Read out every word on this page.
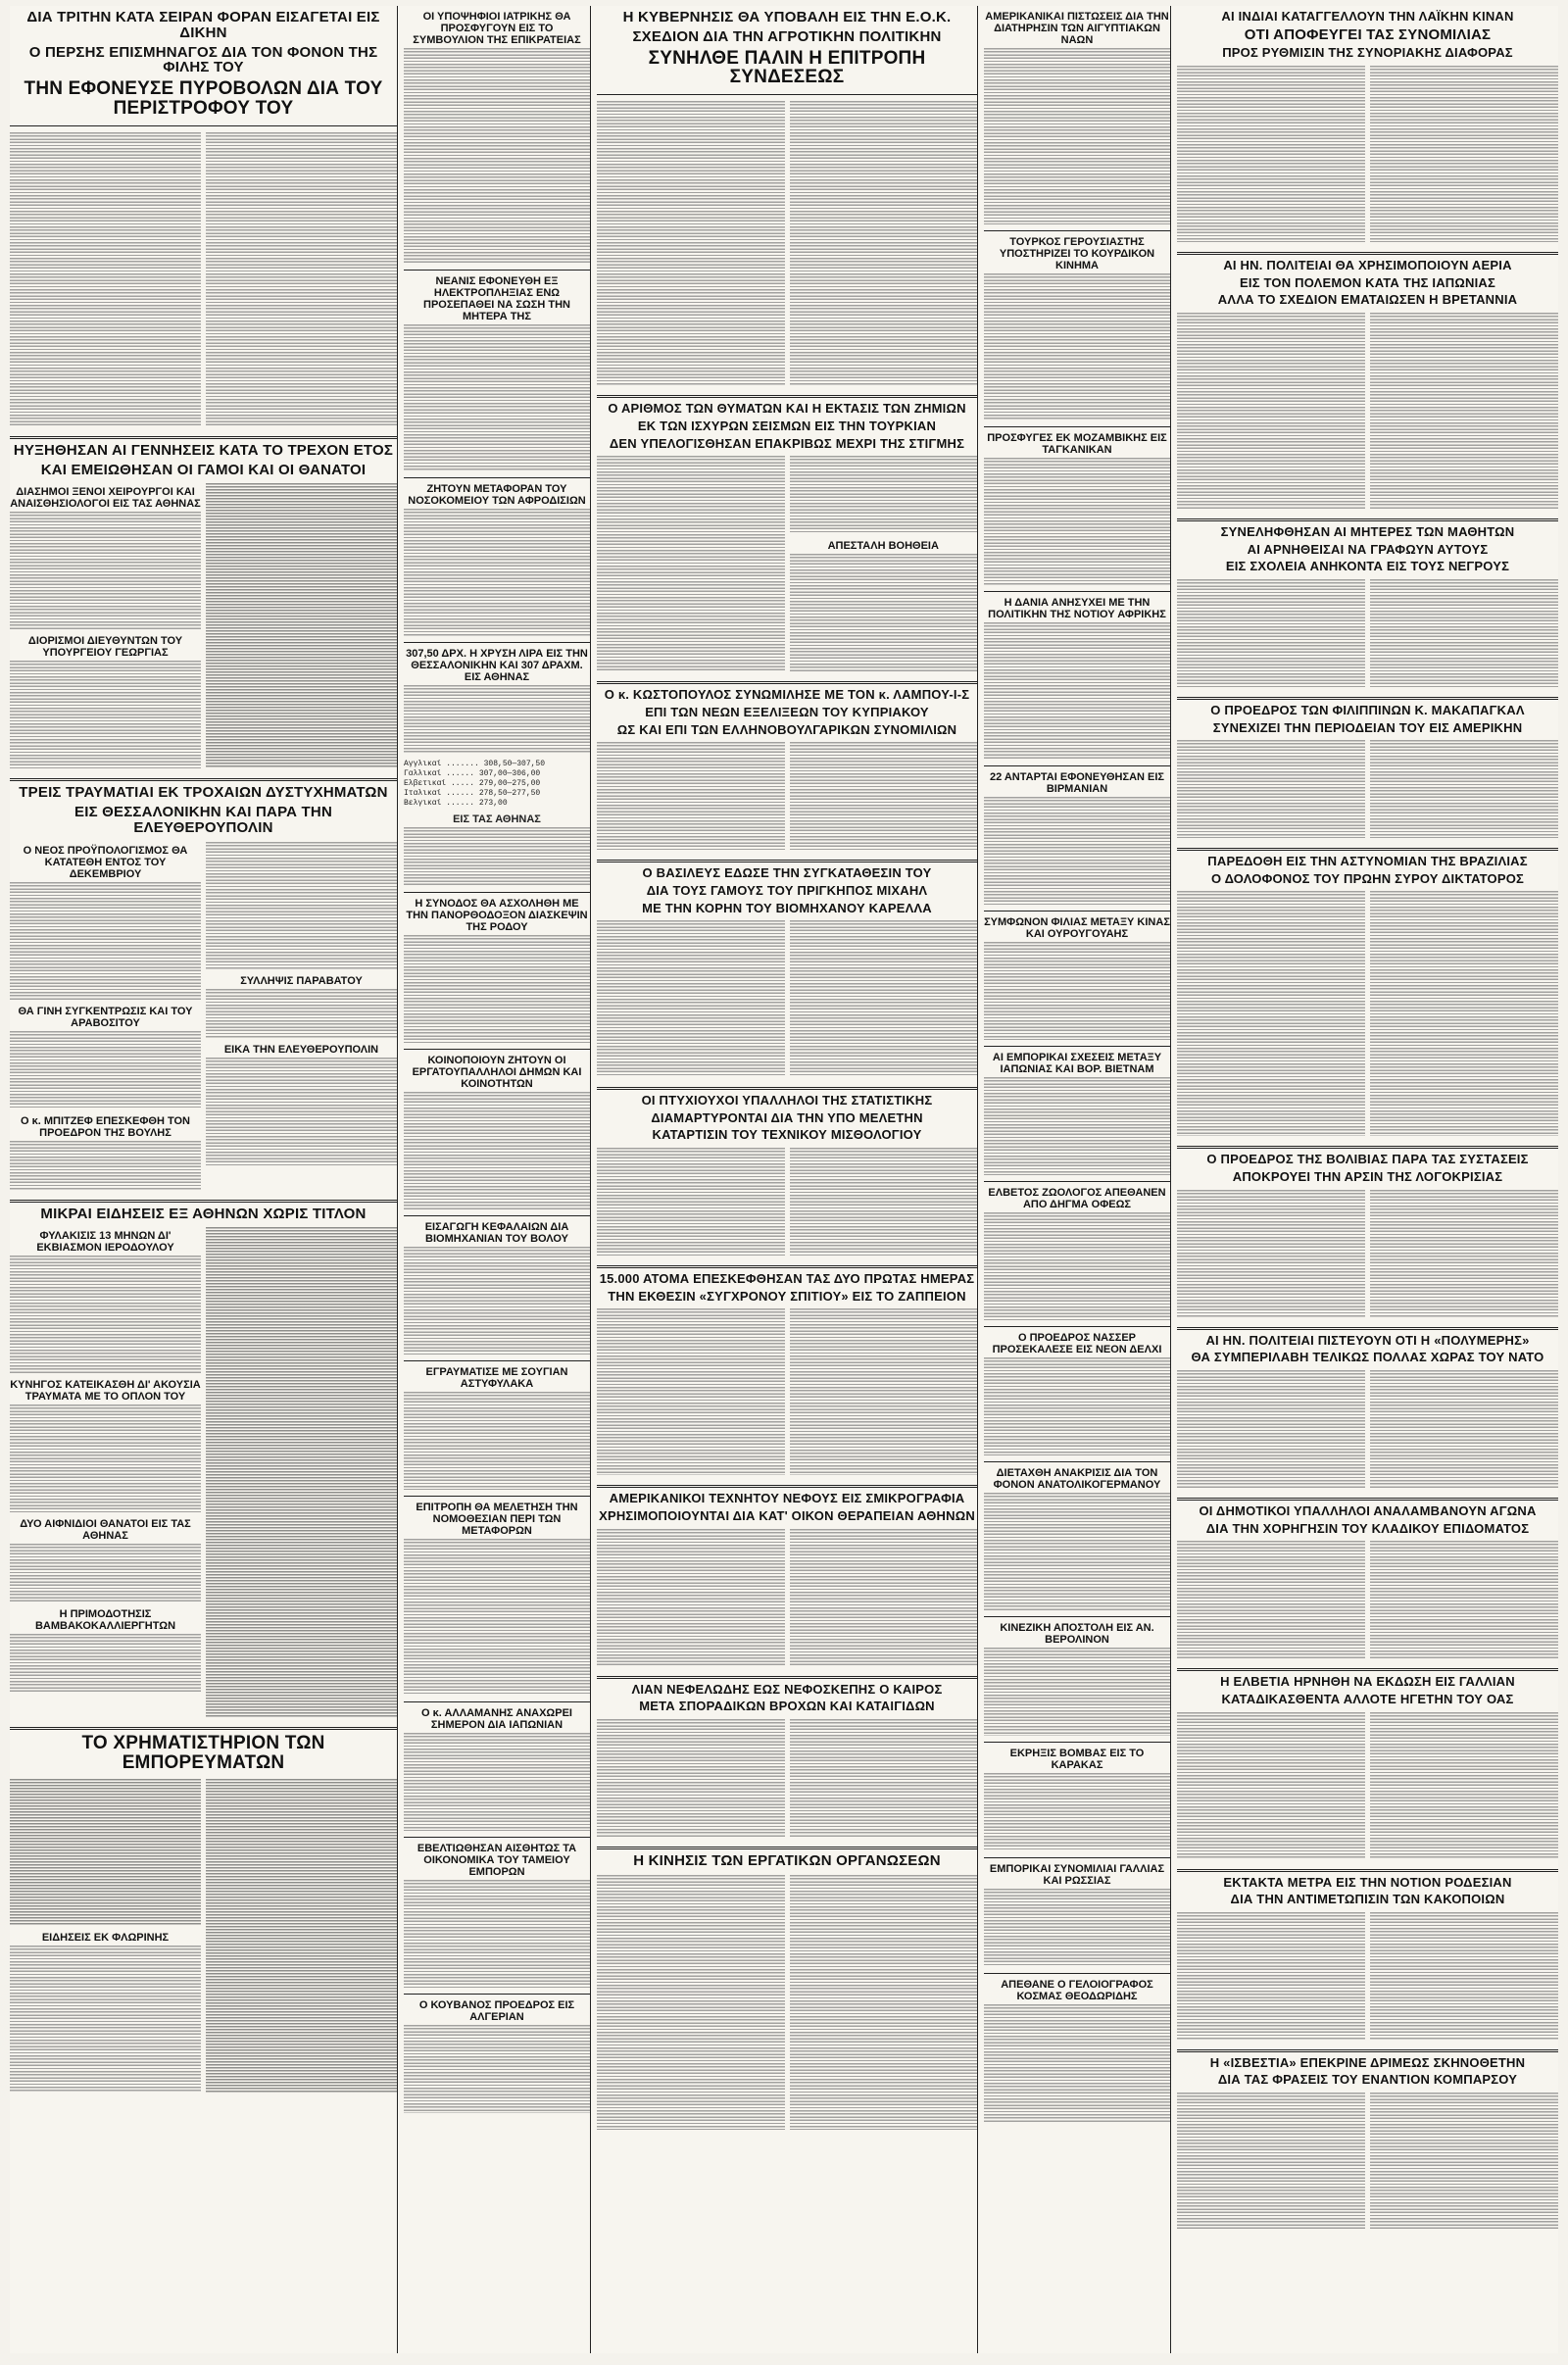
ΔΙΑ ΤΡΙΤΗΝ ΚΑΤΑ ΣΕΙΡΑΝ ΦΟΡΑΝ ΕΙΣΑΓΕΤΑΙ ΕΙΣ ΔΙΚΗΝ
Ο ΠΕΡΣΗΣ ΕΠΙΣΜΗΝΑΓΟΣ ΔΙΑ ΤΟΝ ΦΟΝΟΝ ΤΗΣ ΦΙΛΗΣ ΤΟΥ
ΤΗΝ ΕΦΟΝΕΥΣΕ ΠΥΡΟΒΟΛΩΝ ΔΙΑ ΤΟΥ ΠΕΡΙΣΤΡΟΦΟΥ ΤΟΥ
ΗΥΞΗΘΗΣΑΝ ΑΙ ΓΕΝΝΗΣΕΙΣ ΚΑΤΑ ΤΟ ΤΡΕΧΟΝ ΕΤΟΣ
ΚΑΙ ΕΜΕΙΩΘΗΣΑΝ ΟΙ ΓΑΜΟΙ ΚΑΙ ΟΙ ΘΑΝΑΤΟΙ
ΔΙΑΣΗΜΟΙ ΞΕΝΟΙ ΧΕΙΡΟΥΡΓΟΙ ΚΑΙ ΑΝΑΙΣΘΗΣΙΟΛΟΓΟΙ ΕΙΣ ΤΑΣ ΑΘΗΝΑΣ
ΔΙΟΡΙΣΜΟΙ ΔΙΕΥΘΥΝΤΩΝ ΤΟΥ ΥΠΟΥΡΓΕΙΟΥ ΓΕΩΡΓΙΑΣ
ΤΡΕΙΣ ΤΡΑΥΜΑΤΙΑΙ ΕΚ ΤΡΟΧΑΙΩΝ ΔΥΣΤΥΧΗΜΑΤΩΝ
ΕΙΣ ΘΕΣΣΑΛΟΝΙΚΗΝ ΚΑΙ ΠΑΡΑ ΤΗΝ ΕΛΕΥΘΕΡΟΥΠΟΛΙΝ
Ο ΝΕΟΣ ΠΡΟΫΠΟΛΟΓΙΣΜΟΣ ΘΑ ΚΑΤΑΤΕΘΗ ΕΝΤΟΣ ΤΟΥ ΔΕΚΕΜΒΡΙΟΥ
ΘΑ ΓΙΝΗ ΣΥΓΚΕΝΤΡΩΣΙΣ ΚΑΙ ΤΟΥ ΑΡΑΒΟΣΙΤΟΥ
Ο κ. ΜΠΙΤΖΕΦ ΕΠΕΣΚΕΦΘΗ ΤΟΝ ΠΡΟΕΔΡΟΝ ΤΗΣ ΒΟΥΛΗΣ
ΣΥΛΛΗΨΙΣ ΠΑΡΑΒΑΤΟΥ
ΕΙΚΑ ΤΗΝ ΕΛΕΥΘΕΡΟΥΠΟΛΙΝ
ΜΙΚΡΑΙ ΕΙΔΗΣΕΙΣ ΕΞ ΑΘΗΝΩΝ ΧΩΡΙΣ ΤΙΤΛΟΝ
ΦΥΛΑΚΙΣΙΣ 13 ΜΗΝΩΝ ΔΙ' ΕΚΒΙΑΣΜΟΝ ΙΕΡΟΔΟΥΛΟΥ
ΚΥΝΗΓΟΣ ΚΑΤΕΙΚΑΣΘΗ ΔΙ' ΑΚΟΥΣΙΑ ΤΡΑΥΜΑΤΑ ΜΕ ΤΟ ΟΠΛΟΝ ΤΟΥ
ΔΥΟ ΑΙΦΝΙΔΙΟΙ ΘΑΝΑΤΟΙ ΕΙΣ ΤΑΣ ΑΘΗΝΑΣ
Η ΠΡΙΜΟΔΟΤΗΣΙΣ ΒΑΜΒΑΚΟΚΑΛΛΙΕΡΓΗΤΩΝ
ΤΟ ΧΡΗΜΑΤΙΣΤΗΡΙΟΝ ΤΩΝ ΕΜΠΟΡΕΥΜΑΤΩΝ
ΕΙΔΗΣΕΙΣ ΕΚ ΦΛΩΡΙΝΗΣ
ΟΙ ΥΠΟΨΗΦΙΟΙ ΙΑΤΡΙΚΗΣ ΘΑ ΠΡΟΣΦΥΓΟΥΝ ΕΙΣ ΤΟ ΣΥΜΒΟΥΛΙΟΝ ΤΗΣ ΕΠΙΚΡΑΤΕΙΑΣ
ΝΕΑΝΙΣ ΕΦΟΝΕΥΘΗ ΕΞ ΗΛΕΚΤΡΟΠΛΗΞΙΑΣ ΕΝΩ ΠΡΟΣΕΠΑΘΕΙ ΝΑ ΣΩΣΗ ΤΗΝ ΜΗΤΕΡΑ ΤΗΣ
ΖΗΤΟΥΝ ΜΕΤΑΦΟΡΑΝ ΤΟΥ ΝΟΣΟΚΟΜΕΙΟΥ ΤΩΝ ΑΦΡΟΔΙΣΙΩΝ
307,50 ΔΡΧ. Η ΧΡΥΣΗ ΛΙΡΑ ΕΙΣ ΤΗΝ ΘΕΣΣΑΛΟΝΙΚΗΝ ΚΑΙ 307 ΔΡΑΧΜ. ΕΙΣ ΑΘΗΝΑΣ
Αγγλικαί ....... 308,50—307,50
Γαλλικαί ...... 307,00—306,00
Ελβετικαί ..... 279,00—275,00
Ιταλικαί ...... 278,50—277,50
Βελγικαί ...... 273,00
ΕΙΣ ΤΑΣ ΑΘΗΝΑΣ
Η ΣΥΝΟΔΟΣ ΘΑ ΑΣΧΟΛΗΘΗ ΜΕ ΤΗΝ ΠΑΝΟΡΘΟΔΟΞΟΝ ΔΙΑΣΚΕΨΙΝ ΤΗΣ ΡΟΔΟΥ
ΚΟΙΝΟΠΟΙΟΥΝ ΖΗΤΟΥΝ ΟΙ ΕΡΓΑΤΟΥΠΑΛΛΗΛΟΙ ΔΗΜΩΝ ΚΑΙ ΚΟΙΝΟΤΗΤΩΝ
ΕΙΣΑΓΩΓΗ ΚΕΦΑΛΑΙΩΝ ΔΙΑ ΒΙΟΜΗΧΑΝΙΑΝ ΤΟΥ ΒΟΛΟΥ
ΕΓΡΑΥΜΑΤΙΣΕ ΜΕ ΣΟΥΓΙΑΝ ΑΣΤΥΦΥΛΑΚΑ
ΕΠΙΤΡΟΠΗ ΘΑ ΜΕΛΕΤΗΣΗ ΤΗΝ ΝΟΜΟΘΕΣΙΑΝ ΠΕΡΙ ΤΩΝ ΜΕΤΑΦΟΡΩΝ
Ο κ. ΑΛΛΑΜΑΝΗΣ ΑΝΑΧΩΡΕΙ ΣΗΜΕΡΟΝ ΔΙΑ ΙΑΠΩΝΙΑΝ
ΕΒΕΛΤΙΩΘΗΣΑΝ ΑΙΣΘΗΤΩΣ ΤΑ ΟΙΚΟΝΟΜΙΚΑ ΤΟΥ ΤΑΜΕΙΟΥ ΕΜΠΟΡΩΝ
Ο ΚΟΥΒΑΝΟΣ ΠΡΟΕΔΡΟΣ ΕΙΣ ΑΛΓΕΡΙΑΝ
Η ΚΥΒΕΡΝΗΣΙΣ ΘΑ ΥΠΟΒΑΛΗ ΕΙΣ ΤΗΝ Ε.Ο.Κ.
ΣΧΕΔΙΟΝ ΔΙΑ ΤΗΝ ΑΓΡΟΤΙΚΗΝ ΠΟΛΙΤΙΚΗΝ
ΣΥΝΗΛΘΕ ΠΑΛΙΝ Η ΕΠΙΤΡΟΠΗ ΣΥΝΔΕΣΕΩΣ
Ο ΑΡΙΘΜΟΣ ΤΩΝ ΘΥΜΑΤΩΝ ΚΑΙ Η ΕΚΤΑΣΙΣ ΤΩΝ ΖΗΜΙΩΝ
ΕΚ ΤΩΝ ΙΣΧΥΡΩΝ ΣΕΙΣΜΩΝ ΕΙΣ ΤΗΝ ΤΟΥΡΚΙΑΝ
ΔΕΝ ΥΠΕΛΟΓΙΣΘΗΣΑΝ ΕΠΑΚΡΙΒΩΣ ΜΕΧΡΙ ΤΗΣ ΣΤΙΓΜΗΣ
ΑΠΕΣΤΑΛΗ ΒΟΗΘΕΙΑ
Ο κ. ΚΩΣΤΟΠΟΥΛΟΣ ΣΥΝΩΜΙΛΗΣΕ ΜΕ ΤΟΝ κ. ΛΑΜΠΟΥ-Ι-Σ
ΕΠΙ ΤΩΝ ΝΕΩΝ ΕΞΕΛΙΞΕΩΝ ΤΟΥ ΚΥΠΡΙΑΚΟΥ
ΩΣ ΚΑΙ ΕΠΙ ΤΩΝ ΕΛΛΗΝΟΒΟΥΛΓΑΡΙΚΩΝ ΣΥΝΟΜΙΛΙΩΝ
Ο ΒΑΣΙΛΕΥΣ ΕΔΩΣΕ ΤΗΝ ΣΥΓΚΑΤΑΘΕΣΙΝ ΤΟΥ
ΔΙΑ ΤΟΥΣ ΓΑΜΟΥΣ ΤΟΥ ΠΡΙΓΚΗΠΟΣ ΜΙΧΑΗΛ
ΜΕ ΤΗΝ ΚΟΡΗΝ ΤΟΥ ΒΙΟΜΗΧΑΝΟΥ ΚΑΡΕΛΛΑ
ΟΙ ΠΤΥΧΙΟΥΧΟΙ ΥΠΑΛΛΗΛΟΙ ΤΗΣ ΣΤΑΤΙΣΤΙΚΗΣ
ΔΙΑΜΑΡΤΥΡΟΝΤΑΙ ΔΙΑ ΤΗΝ ΥΠΟ ΜΕΛΕΤΗΝ
ΚΑΤΑΡΤΙΣΙΝ ΤΟΥ ΤΕΧΝΙΚΟΥ ΜΙΣΘΟΛΟΓΙΟΥ
15.000 ΑΤΟΜΑ ΕΠΕΣΚΕΦΘΗΣΑΝ ΤΑΣ ΔΥΟ ΠΡΩΤΑΣ ΗΜΕΡΑΣ
ΤΗΝ ΕΚΘΕΣΙΝ «ΣΥΓΧΡΟΝΟΥ ΣΠΙΤΙΟΥ» ΕΙΣ ΤΟ ΖΑΠΠΕΙΟΝ
ΑΜΕΡΙΚΑΝΙΚΟΙ ΤΕΧΝΗΤΟΥ ΝΕΦΟΥΣ ΕΙΣ ΣΜΙΚΡΟΓΡΑΦΙΑ
ΧΡΗΣΙΜΟΠΟΙΟΥΝΤΑΙ ΔΙΑ ΚΑΤ' ΟΙΚΟΝ ΘΕΡΑΠΕΙΑΝ ΑΘΗΝΩΝ
ΛΙΑΝ ΝΕΦΕΛΩΔΗΣ ΕΩΣ ΝΕΦΟΣΚΕΠΗΣ Ο ΚΑΙΡΟΣ
ΜΕΤΑ ΣΠΟΡΑΔΙΚΩΝ ΒΡΟΧΩΝ ΚΑΙ ΚΑΤΑΙΓΙΔΩΝ
Η ΚΙΝΗΣΙΣ ΤΩΝ ΕΡΓΑΤΙΚΩΝ ΟΡΓΑΝΩΣΕΩΝ
ΑΜΕΡΙΚΑΝΙΚΑΙ ΠΙΣΤΩΣΕΙΣ ΔΙΑ ΤΗΝ ΔΙΑΤΗΡΗΣΙΝ ΤΩΝ ΑΙΓΥΠΤΙΑΚΩΝ ΝΑΩΝ
ΤΟΥΡΚΟΣ ΓΕΡΟΥΣΙΑΣΤΗΣ ΥΠΟΣΤΗΡΙΖΕΙ ΤΟ ΚΟΥΡΔΙΚΟΝ ΚΙΝΗΜΑ
ΠΡΟΣΦΥΓΕΣ ΕΚ ΜΟΖΑΜΒΙΚΗΣ ΕΙΣ ΤΑΓΚΑΝΙΚΑΝ
Η ΔΑΝΙΑ ΑΝΗΣΥΧΕΙ ΜΕ ΤΗΝ ΠΟΛΙΤΙΚΗΝ ΤΗΣ ΝΟΤΙΟΥ ΑΦΡΙΚΗΣ
22 ΑΝΤΑΡΤΑΙ ΕΦΟΝΕΥΘΗΣΑΝ ΕΙΣ ΒΙΡΜΑΝΙΑΝ
ΣΥΜΦΩΝΟΝ ΦΙΛΙΑΣ ΜΕΤΑΞΥ ΚΙΝΑΣ ΚΑΙ ΟΥΡΟΥΓΟΥΑΗΣ
ΑΙ ΕΜΠΟΡΙΚΑΙ ΣΧΕΣΕΙΣ ΜΕΤΑΞΥ ΙΑΠΩΝΙΑΣ ΚΑΙ ΒΟΡ. ΒΙΕΤΝΑΜ
ΕΛΒΕΤΟΣ ΖΩΟΛΟΓΟΣ ΑΠΕΘΑΝΕΝ ΑΠΟ ΔΗΓΜΑ ΟΦΕΩΣ
Ο ΠΡΟΕΔΡΟΣ ΝΑΣΣΕΡ ΠΡΟΣΕΚΑΛΕΣΕ ΕΙΣ ΝΕΟΝ ΔΕΛΧΙ
ΔΙΕΤΑΧΘΗ ΑΝΑΚΡΙΣΙΣ ΔΙΑ ΤΟΝ ΦΟΝΟΝ ΑΝΑΤΟΛΙΚΟΓΕΡΜΑΝΟΥ
ΚΙΝΕΖΙΚΗ ΑΠΟΣΤΟΛΗ ΕΙΣ ΑΝ. ΒΕΡΟΛΙΝΟΝ
ΕΚΡΗΞΙΣ ΒΟΜΒΑΣ ΕΙΣ ΤΟ ΚΑΡΑΚΑΣ
ΕΜΠΟΡΙΚΑΙ ΣΥΝΟΜΙΛΙΑΙ ΓΑΛΛΙΑΣ ΚΑΙ ΡΩΣΣΙΑΣ
ΑΠΕΘΑΝΕ Ο ΓΕΛΟΙΟΓΡΑΦΟΣ ΚΟΣΜΑΣ ΘΕΟΔΩΡΙΔΗΣ
ΑΙ ΙΝΔΙΑΙ ΚΑΤΑΓΓΕΛΛΟΥΝ ΤΗΝ ΛΑΪΚΗΝ ΚΙΝΑΝ
ΟΤΙ ΑΠΟΦΕΥΓΕΙ ΤΑΣ ΣΥΝΟΜΙΛΙΑΣ
ΠΡΟΣ ΡΥΘΜΙΣΙΝ ΤΗΣ ΣΥΝΟΡΙΑΚΗΣ ΔΙΑΦΟΡΑΣ
ΑΙ ΗΝ. ΠΟΛΙΤΕΙΑΙ ΘΑ ΧΡΗΣΙΜΟΠΟΙΟΥΝ ΑΕΡΙΑ
ΕΙΣ ΤΟΝ ΠΟΛΕΜΟΝ ΚΑΤΑ ΤΗΣ ΙΑΠΩΝΙΑΣ
ΑΛΛΑ ΤΟ ΣΧΕΔΙΟΝ ΕΜΑΤΑΙΩΣΕΝ Η ΒΡΕΤΑΝΝΙΑ
ΣΥΝΕΛΗΦΘΗΣΑΝ ΑΙ ΜΗΤΕΡΕΣ ΤΩΝ ΜΑΘΗΤΩΝ
ΑΙ ΑΡΝΗΘΕΙΣΑΙ ΝΑ ΓΡΑΦΩΥΝ ΑΥΤΟΥΣ
ΕΙΣ ΣΧΟΛΕΙΑ ΑΝΗΚΟΝΤΑ ΕΙΣ ΤΟΥΣ ΝΕΓΡΟΥΣ
Ο ΠΡΟΕΔΡΟΣ ΤΩΝ ΦΙΛΙΠΠΙΝΩΝ Κ. ΜΑΚΑΠΑΓΚΑΛ
ΣΥΝΕΧΙΖΕΙ ΤΗΝ ΠΕΡΙΟΔΕΙΑΝ ΤΟΥ ΕΙΣ ΑΜΕΡΙΚΗΝ
ΠΑΡΕΔΟΘΗ ΕΙΣ ΤΗΝ ΑΣΤΥΝΟΜΙΑΝ ΤΗΣ ΒΡΑΖΙΛΙΑΣ
Ο ΔΟΛΟΦΟΝΟΣ ΤΟΥ ΠΡΩΗΝ ΣΥΡΟΥ ΔΙΚΤΑΤΟΡΟΣ
Ο ΠΡΟΕΔΡΟΣ ΤΗΣ ΒΟΛΙΒΙΑΣ ΠΑΡΑ ΤΑΣ ΣΥΣΤΑΣΕΙΣ
ΑΠΟΚΡΟΥΕΙ ΤΗΝ ΑΡΣΙΝ ΤΗΣ ΛΟΓΟΚΡΙΣΙΑΣ
ΑΙ ΗΝ. ΠΟΛΙΤΕΙΑΙ ΠΙΣΤΕΥΟΥΝ ΟΤΙ Η «ΠΟΛΥΜΕΡΗΣ»
ΘΑ ΣΥΜΠΕΡΙΛΑΒΗ ΤΕΛΙΚΩΣ ΠΟΛΛΑΣ ΧΩΡΑΣ ΤΟΥ ΝΑΤΟ
ΟΙ ΔΗΜΟΤΙΚΟΙ ΥΠΑΛΛΗΛΟΙ ΑΝΑΛΑΜΒΑΝΟΥΝ ΑΓΩΝΑ
ΔΙΑ ΤΗΝ ΧΟΡΗΓΗΣΙΝ ΤΟΥ ΚΛΑΔΙΚΟΥ ΕΠΙΔΟΜΑΤΟΣ
Η ΕΛΒΕΤΙΑ ΗΡΝΗΘΗ ΝΑ ΕΚΔΩΣΗ ΕΙΣ ΓΑΛΛΙΑΝ
ΚΑΤΑΔΙΚΑΣΘΕΝΤΑ ΑΛΛΟΤΕ ΗΓΕΤΗΝ ΤΟΥ ΟΑΣ
ΕΚΤΑΚΤΑ ΜΕΤΡΑ ΕΙΣ ΤΗΝ ΝΟΤΙΟΝ ΡΟΔΕΣΙΑΝ
ΔΙΑ ΤΗΝ ΑΝΤΙΜΕΤΩΠΙΣΙΝ ΤΩΝ ΚΑΚΟΠΟΙΩΝ
Η «ΙΣΒΕΣΤΙΑ» ΕΠΕΚΡΙΝΕ ΔΡΙΜΕΩΣ ΣΚΗΝΟΘΕΤΗΝ
ΔΙΑ ΤΑΣ ΦΡΑΣΕΙΣ ΤΟΥ ΕΝΑΝΤΙΟΝ ΚΟΜΠΑΡΣΟΥ
